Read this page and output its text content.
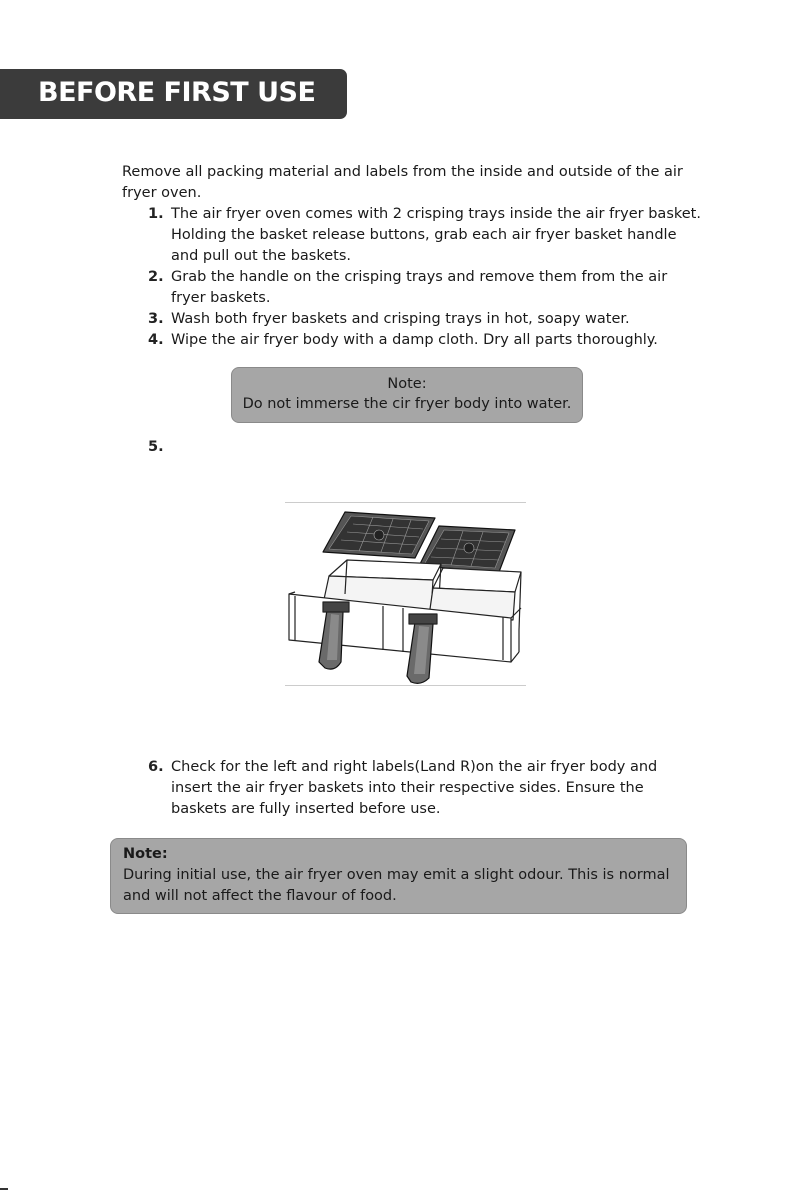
BEFORE FIRST USE

Remove all packing material and labels from the inside and outside of the air fryer oven.

1. The air fryer oven comes with 2 crisping trays inside the air fryer basket. Holding the basket release buttons, grab each air fryer basket handle and pull out the baskets.
2. Grab the handle on the crisping trays and remove them from the air fryer baskets.
3. Wash both fryer baskets and crisping trays in hot, soapy water.
4. Wipe the air fryer body with a damp cloth. Dry all parts thoroughly.
Note:
Do not immerse the cir fryer body into water.
5.
6. Check for the left and right labels(Land R)on the air fryer body and insert the air fryer baskets into their respective sides. Ensure the baskets are fully inserted before use.
Note:
During initial use, the air fryer oven may emit a slight odour. This is normal and will not affect the flavour of food.
